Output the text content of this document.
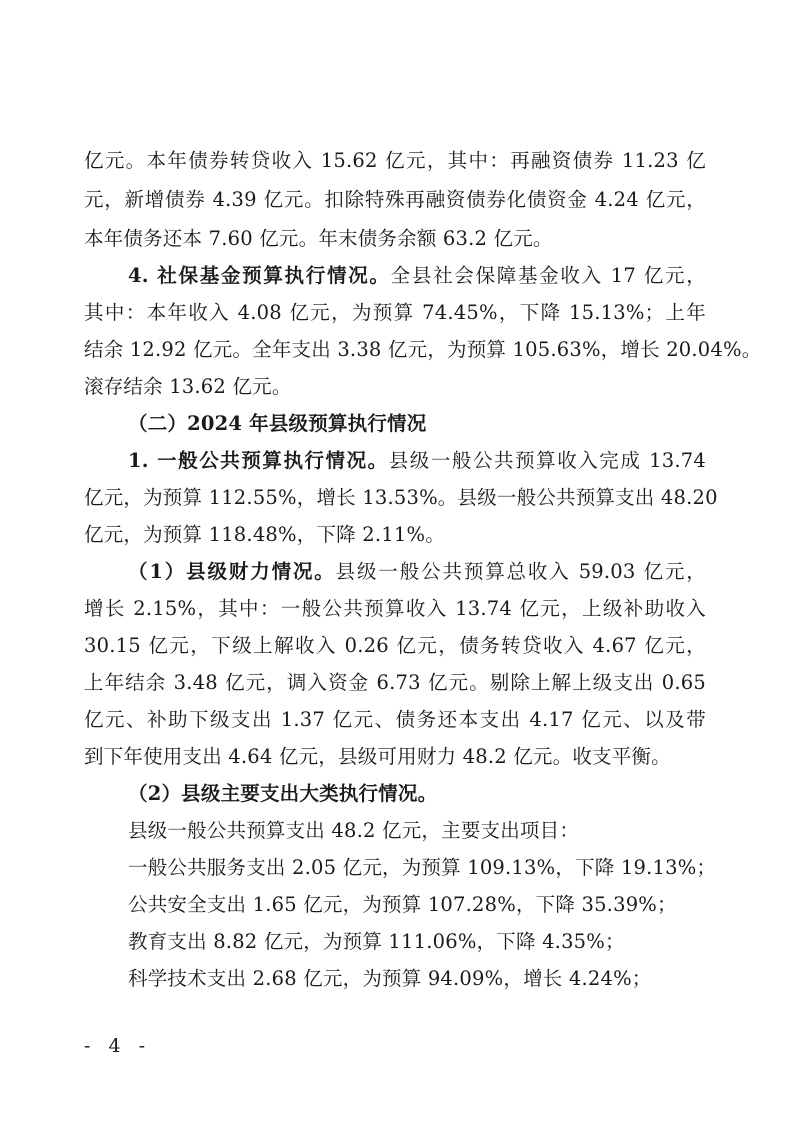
亿元。本年债券转贷收入 15.62 亿元，其中：再融资债券 11.23 亿
元，新增债券 4.39 亿元。扣除特殊再融资债券化债资金 4.24 亿元，
本年债务还本 7.60 亿元。年末债务余额 63.2 亿元。
4. 社保基金预算执行情况。全县社会保障基金收入 17 亿元，
其中：本年收入 4.08 亿元，为预算 74.45%，下降 15.13%；上年
结余 12.92 亿元。全年支出 3.38 亿元，为预算 105.63%，增长 20.04%。
滚存结余 13.62 亿元。
（二）2024 年县级预算执行情况
1. 一般公共预算执行情况。县级一般公共预算收入完成 13.74
亿元，为预算 112.55%，增长 13.53%。县级一般公共预算支出 48.20
亿元，为预算 118.48%，下降 2.11%。
（1）县级财力情况。县级一般公共预算总收入 59.03 亿元，
增长 2.15%，其中：一般公共预算收入 13.74 亿元，上级补助收入
30.15 亿元，下级上解收入 0.26 亿元，债务转贷收入 4.67 亿元，
上年结余 3.48 亿元，调入资金 6.73 亿元。剔除上解上级支出 0.65
亿元、补助下级支出 1.37 亿元、债务还本支出 4.17 亿元、以及带
到下年使用支出 4.64 亿元，县级可用财力 48.2 亿元。收支平衡。
（2）县级主要支出大类执行情况。
县级一般公共预算支出 48.2 亿元，主要支出项目：
一般公共服务支出 2.05 亿元，为预算 109.13%，下降 19.13%；
公共安全支出 1.65 亿元，为预算 107.28%，下降 35.39%；
教育支出 8.82 亿元，为预算 111.06%，下降 4.35%；
科学技术支出 2.68 亿元，为预算 94.09%，增长 4.24%；
- 4 -
